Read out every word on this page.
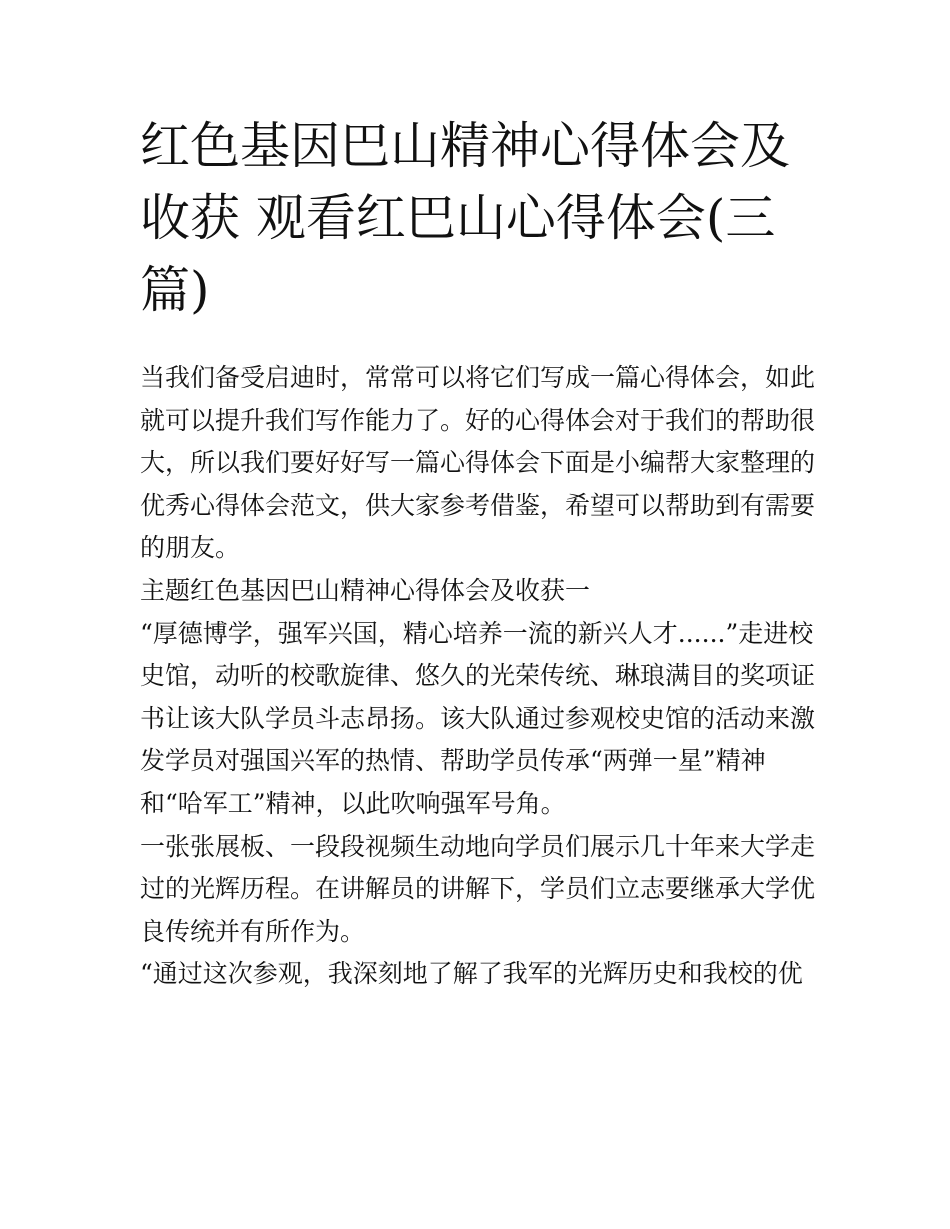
红色基因巴山精神心得体会及收获 观看红巴山心得体会(三篇)

当我们备受启迪时，常常可以将它们写成一篇心得体会，如此就可以提升我们写作能力了。好的心得体会对于我们的帮助很大，所以我们要好好写一篇心得体会下面是小编帮大家整理的优秀心得体会范文，供大家参考借鉴，希望可以帮助到有需要的朋友。

主题红色基因巴山精神心得体会及收获一

“厚德博学，强军兴国，精心培养一流的新兴人才......”走进校史馆，动听的校歌旋律、悠久的光荣传统、琳琅满目的奖项证书让该大队学员斗志昂扬。该大队通过参观校史馆的活动来激发学员对强国兴军的热情、帮助学员传承“两弹一星”精神和“哈军工”精神，以此吹响强军号角。

一张张展板、一段段视频生动地向学员们展示几十年来大学走过的光辉历程。在讲解员的讲解下，学员们立志要继承大学优良传统并有所作为。

“通过这次参观，我深刻地了解了我军的光辉历史和我校的优
